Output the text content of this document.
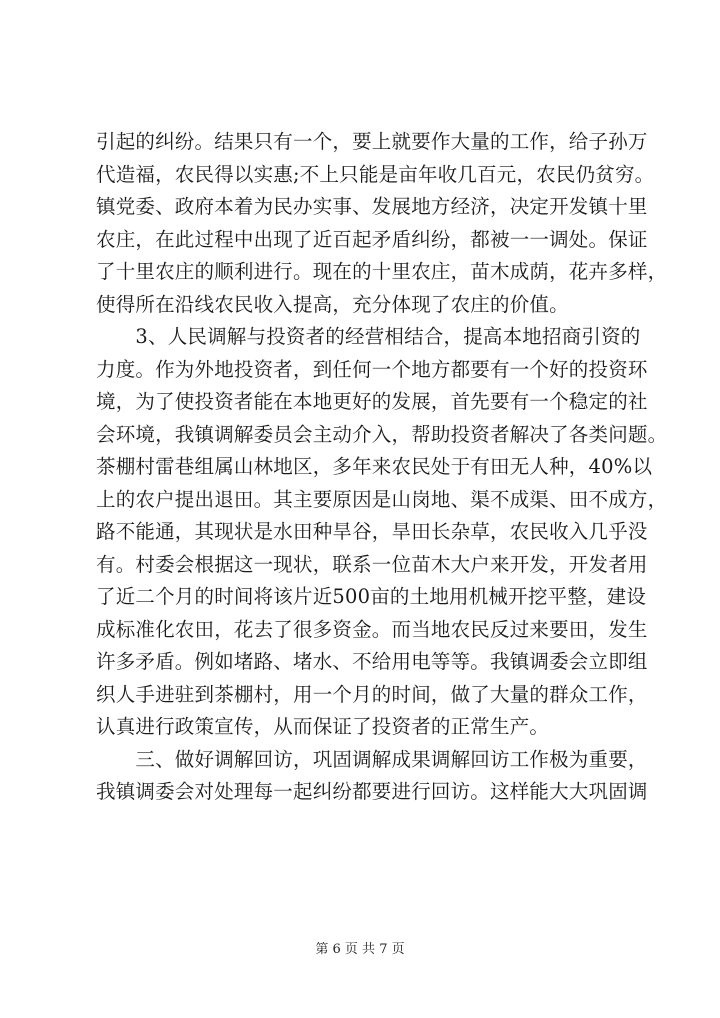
引起的纠纷。结果只有一个，要上就要作大量的工作，给子孙万
代造福，农民得以实惠;不上只能是亩年收几百元，农民仍贫穷。
镇党委、政府本着为民办实事、发展地方经济，决定开发镇十里
农庄，在此过程中出现了近百起矛盾纠纷，都被一一调处。保证
了十里农庄的顺利进行。现在的十里农庄，苗木成荫，花卉多样，
使得所在沿线农民收入提高，充分体现了农庄的价值。
　　3、人民调解与投资者的经营相结合，提高本地招商引资的
力度。作为外地投资者，到任何一个地方都要有一个好的投资环
境，为了使投资者能在本地更好的发展，首先要有一个稳定的社
会环境，我镇调解委员会主动介入，帮助投资者解决了各类问题。
茶棚村雷巷组属山林地区，多年来农民处于有田无人种，40%以
上的农户提出退田。其主要原因是山岗地、渠不成渠、田不成方，
路不能通，其现状是水田种旱谷，旱田长杂草，农民收入几乎没
有。村委会根据这一现状，联系一位苗木大户来开发，开发者用
了近二个月的时间将该片近500亩的土地用机械开挖平整，建设
成标准化农田，花去了很多资金。而当地农民反过来要田，发生
许多矛盾。例如堵路、堵水、不给用电等等。我镇调委会立即组
织人手进驻到茶棚村，用一个月的时间，做了大量的群众工作，
认真进行政策宣传，从而保证了投资者的正常生产。
　　三、做好调解回访，巩固调解成果调解回访工作极为重要，
我镇调委会对处理每一起纠纷都要进行回访。这样能大大巩固调
第 6 页 共 7 页
